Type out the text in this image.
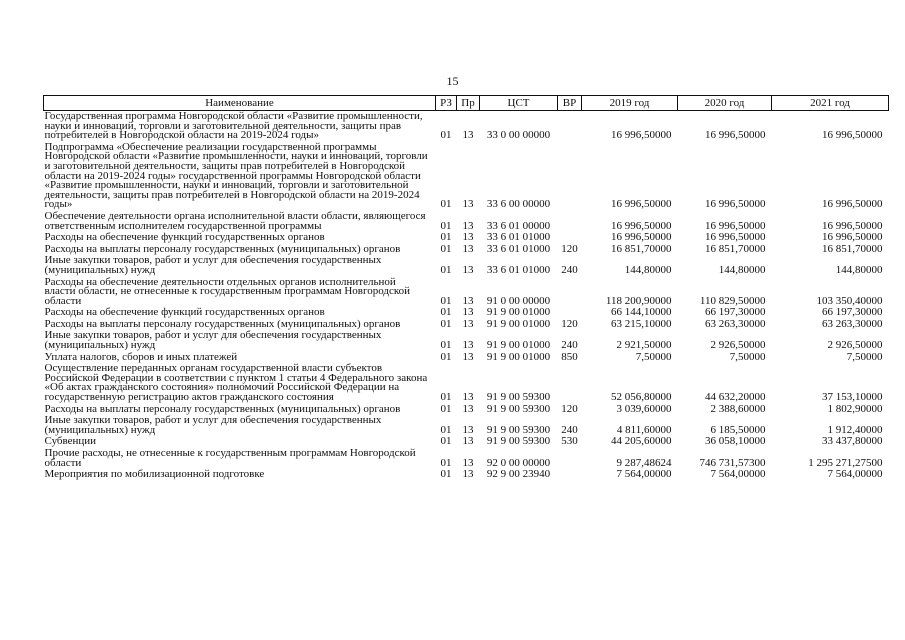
15
Наименование	РЗ	Пр	ЦСТ	ВР	2019 год	2020 год	2021 год
Государственная программа Новгородской области «Развитие промышленности, науки и инноваций, торговли и заготовительной деятельности, защиты прав потребителей в Новгородской области на 2019-2024 годы»	01	13	33 0 00 00000		16 996,50000	16 996,50000	16 996,50000
Подпрограмма «Обеспечение реализации государственной программы Новгородской области «Развитие промышленности, науки и инноваций, торговли и заготовительной деятельности, защиты прав потребителей в Новгородской области на 2019-2024 годы» государственной программы Новгородской области «Развитие промышленности, науки и инноваций, торговли и заготовительной деятельности, защиты прав потребителей в Новгородской области на 2019-2024 годы»	01	13	33 6 00 00000		16 996,50000	16 996,50000	16 996,50000
Обеспечение деятельности органа исполнительной власти области, являющегося ответственным исполнителем государственной программы	01	13	33 6 01 00000		16 996,50000	16 996,50000	16 996,50000
Расходы на обеспечение функций государственных органов	01	13	33 6 01 01000		16 996,50000	16 996,50000	16 996,50000
Расходы на выплаты персоналу государственных (муниципальных) органов	01	13	33 6 01 01000	120	16 851,70000	16 851,70000	16 851,70000
Иные закупки товаров, работ и услуг для обеспечения государственных (муниципальных) нужд	01	13	33 6 01 01000	240	144,80000	144,80000	144,80000
Расходы на обеспечение деятельности отдельных органов исполнительной власти области, не отнесенные к государственным программам Новгородской области	01	13	91 0 00 00000		118 200,90000	110 829,50000	103 350,40000
Расходы на обеспечение функций государственных органов	01	13	91 9 00 01000		66 144,10000	66 197,30000	66 197,30000
Расходы на выплаты персоналу государственных (муниципальных) органов	01	13	91 9 00 01000	120	63 215,10000	63 263,30000	63 263,30000
Иные закупки товаров, работ и услуг для обеспечения государственных (муниципальных) нужд	01	13	91 9 00 01000	240	2 921,50000	2 926,50000	2 926,50000
Уплата налогов, сборов и иных платежей	01	13	91 9 00 01000	850	7,50000	7,50000	7,50000
Осуществление переданных органам государственной власти субъектов Российской Федерации в соответствии с пунктом 1 статьи 4 Федерального закона «Об актах гражданского состояния» полномочий Российской Федерации на государственную регистрацию актов гражданского состояния	01	13	91 9 00 59300		52 056,80000	44 632,20000	37 153,10000
Расходы на выплаты персоналу государственных (муниципальных) органов	01	13	91 9 00 59300	120	3 039,60000	2 388,60000	1 802,90000
Иные закупки товаров, работ и услуг для обеспечения государственных (муниципальных) нужд	01	13	91 9 00 59300	240	4 811,60000	6 185,50000	1 912,40000
Субвенции	01	13	91 9 00 59300	530	44 205,60000	36 058,10000	33 437,80000
Прочие расходы, не отнесенные к государственным программам Новгородской области	01	13	92 0 00 00000		9 287,48624	746 731,57300	1 295 271,27500
Мероприятия по мобилизационной подготовке	01	13	92 9 00 23940		7 564,00000	7 564,00000	7 564,00000
